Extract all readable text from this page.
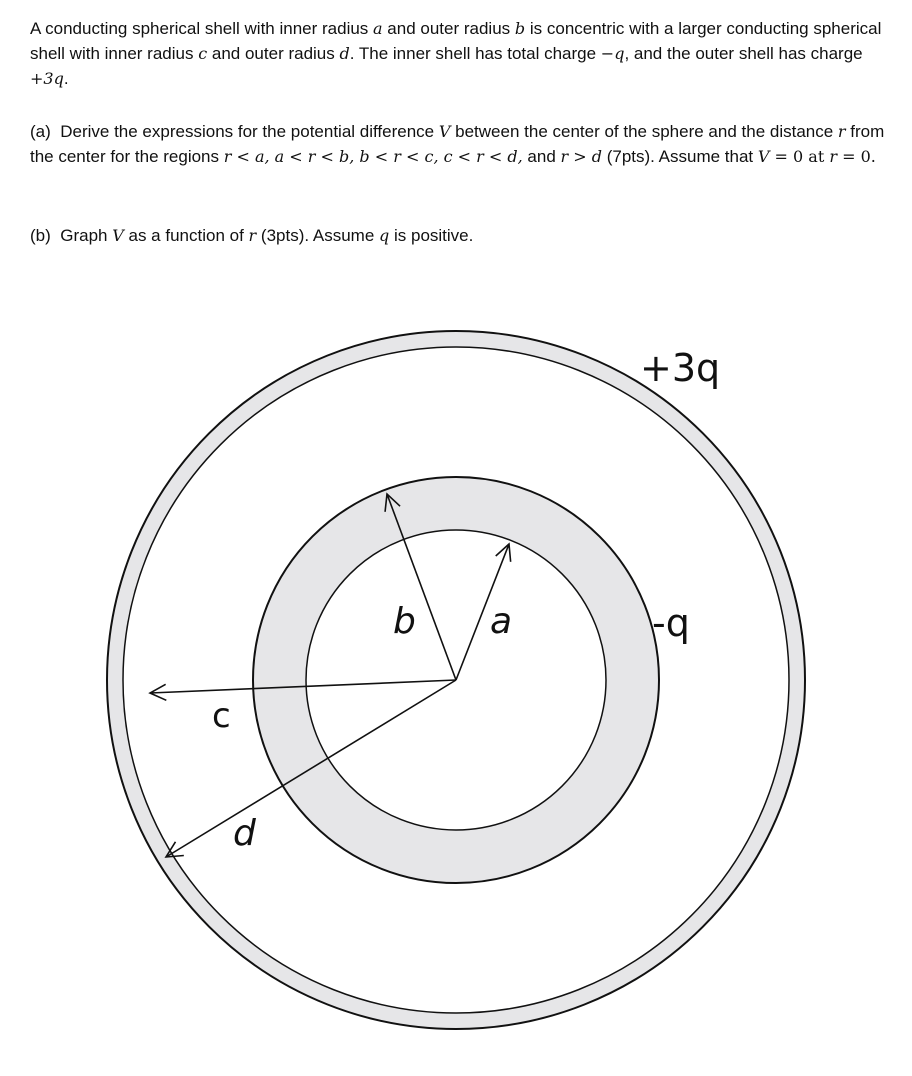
A conducting spherical shell with inner radius a and outer radius b is concentric with a larger conducting spherical shell with inner radius c and outer radius d. The inner shell has total charge −q, and the outer shell has charge +3q.
(a) Derive the expressions for the potential difference V between the center of the sphere and the distance r from the center for the regions r < a, a < r < b, b < r < c, c < r < d, and r > d (7pts). Assume that V = 0 at r = 0.
(b) Graph V as a function of r (3pts). Assume q is positive.
+3q
-q
b a
c
d
